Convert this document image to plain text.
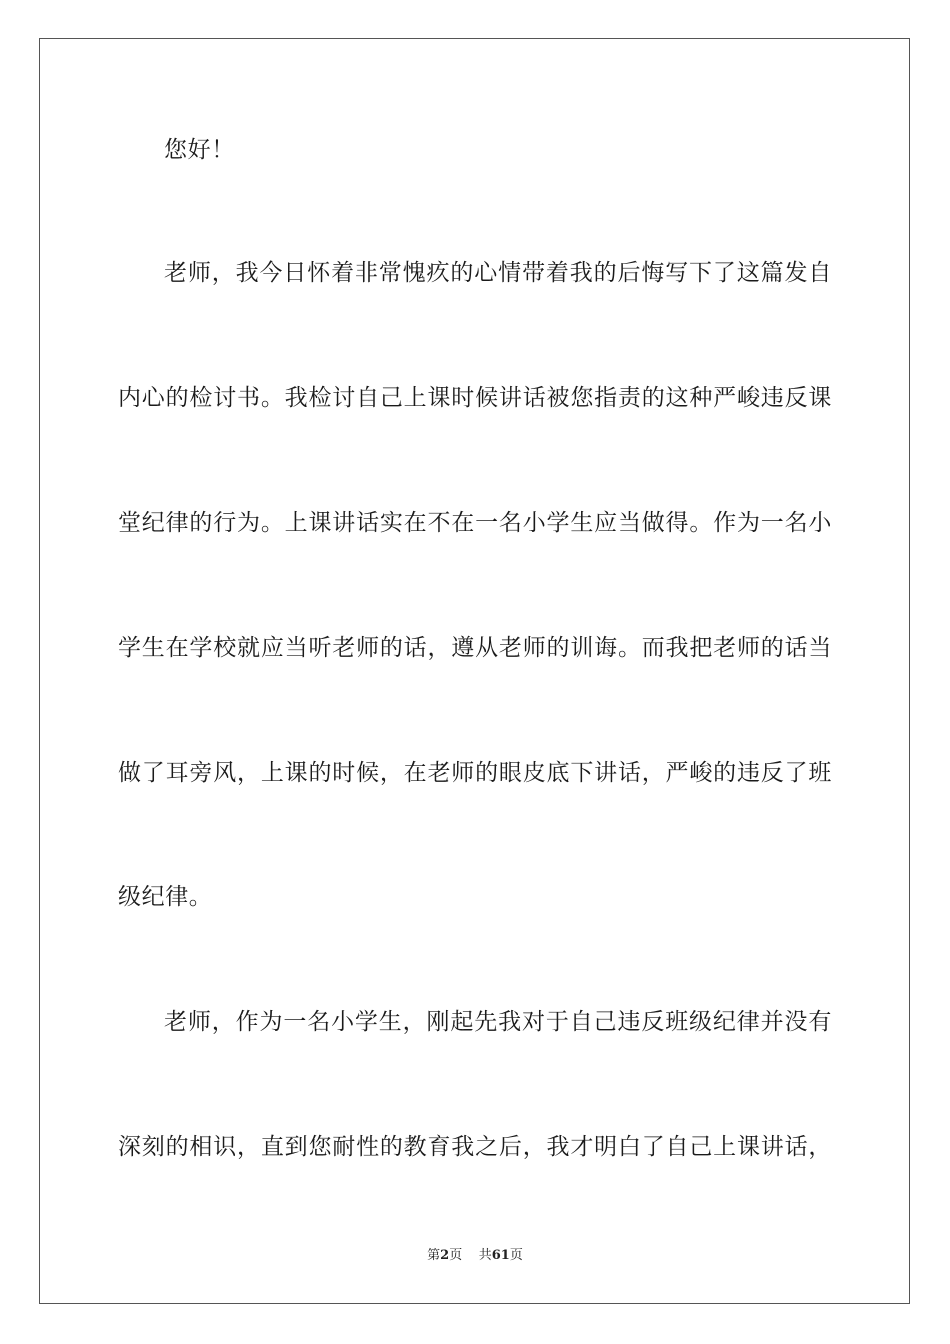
您好！

老师，我今日怀着非常愧疚的心情带着我的后悔写下了这篇发自

内心的检讨书。我检讨自己上课时候讲话被您指责的这种严峻违反课

堂纪律的行为。上课讲话实在不在一名小学生应当做得。作为一名小

学生在学校就应当听老师的话，遵从老师的训诲。而我把老师的话当

做了耳旁风，上课的时候，在老师的眼皮底下讲话，严峻的违反了班

级纪律。

老师，作为一名小学生，刚起先我对于自己违反班级纪律并没有

深刻的相识，直到您耐性的教育我之后，我才明白了自己上课讲话，

第2页 共61页
